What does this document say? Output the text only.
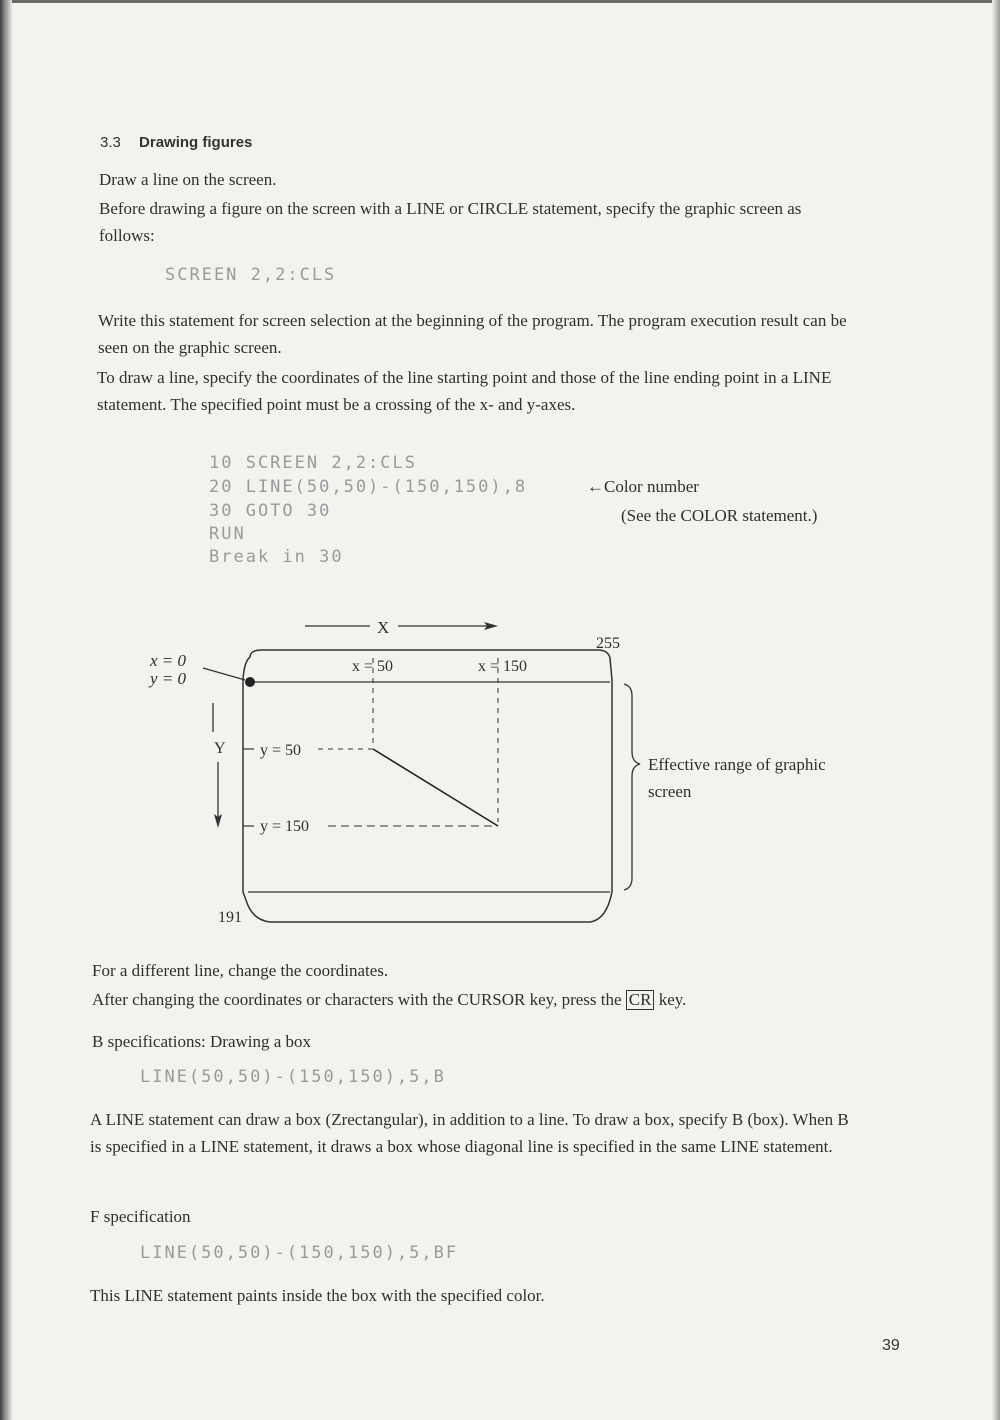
3.3 Drawing figures
Draw a line on the screen.
Before drawing a figure on the screen with a LINE or CIRCLE statement, specify the graphic screen as follows:
SCREEN 2,2:CLS
Write this statement for screen selection at the beginning of the program. The program execution result can be seen on the graphic screen.
To draw a line, specify the coordinates of the line starting point and those of the line ending point in a LINE statement. The specified point must be a crossing of the x- and y-axes.
10 SCREEN 2,2:CLS
20 LINE(50,50)-(150,150),8
30 GOTO 30
RUN
Break in 30
←Color number
(See the COLOR statement.)
X
x = 0
y = 0
255
191
Y
x = 50	x = 150
y = 50
y = 150
Effective range of graphic
screen
For a different line, change the coordinates.
After changing the coordinates or characters with the CURSOR key, press the CR key.
B specifications: Drawing a box
LINE(50,50)-(150,150),5,B
A LINE statement can draw a box (Zrectangular), in addition to a line. To draw a box, specify B (box). When B is specified in a LINE statement, it draws a box whose diagonal line is specified in the same LINE statement.
F specification
LINE(50,50)-(150,150),5,BF
This LINE statement paints inside the box with the specified color.
39
